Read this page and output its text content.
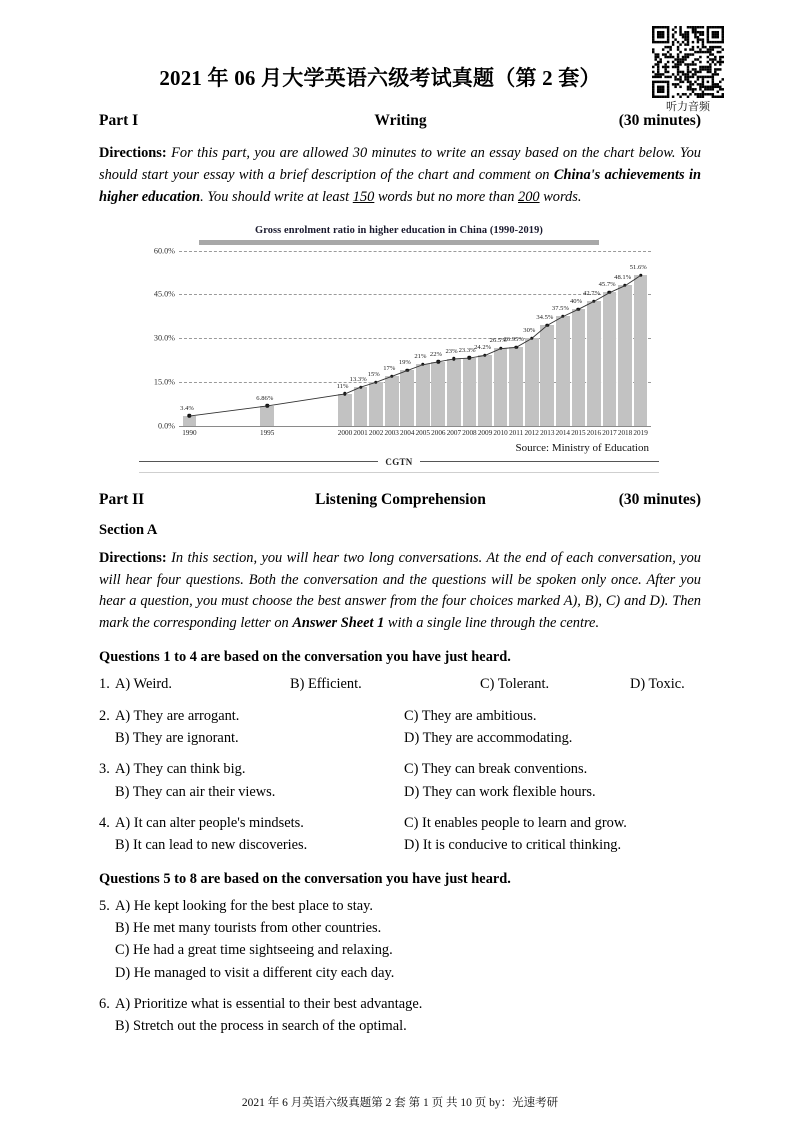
听力音频
2021 年 06 月大学英语六级考试真题（第 2 套）
Part I	Writing	(30 minutes)
Directions: For this part, you are allowed 30 minutes to write an essay based on the chart below. You should start your essay with a brief description of the chart and comment on China's achievements in higher education. You should write at least 150 words but no more than 200 words.
Gross enrolment ratio in higher education in China (1990-2019)
0.0%
15.0%
30.0%
45.0%
60.0%
3.4%
6.86%
11%
13.3%
15%
17%
19%
21% 22% 23% 23.3%
24.2%
26.5%
26.95%
30%
34.5%
37.5%
40%
42.7%
45.7%
48.1%
51.6%
1990	1995	2000 2001 2002 2003 2004 2005 2006 2007 2008 2009 2010 2011 2012 2013 2014 2015 2016 2017 2018 2019
Source: Ministry of Education
CGTN
Part II	Listening Comprehension	(30 minutes)
Section A
Directions: In this section, you will hear two long conversations. At the end of each conversation, you will hear four questions. Both the conversation and the questions will be spoken only once. After you hear a question, you must choose the best answer from the four choices marked A), B), C) and D). Then mark the corresponding letter on Answer Sheet 1 with a single line through the centre.
Questions 1 to 4 are based on the conversation you have just heard.
1. A) Weird.	B) Efficient.	C) Tolerant.	D) Toxic.
2. A) They are arrogant.	C) They are ambitious.
B) They are ignorant.	D) They are accommodating.
3. A) They can think big.	C) They can break conventions.
B) They can air their views.	D) They can work flexible hours.
4. A) It can alter people's mindsets.	C) It enables people to learn and grow.
B) It can lead to new discoveries.	D) It is conducive to critical thinking.
Questions 5 to 8 are based on the conversation you have just heard.
5. A) He kept looking for the best place to stay.
B) He met many tourists from other countries.
C) He had a great time sightseeing and relaxing.
D) He managed to visit a different city each day.
6. A) Prioritize what is essential to their best advantage.
B) Stretch out the process in search of the optimal.
2021 年 6 月英语六级真题第 2 套 第 1 页 共 10 页 by：光速考研
